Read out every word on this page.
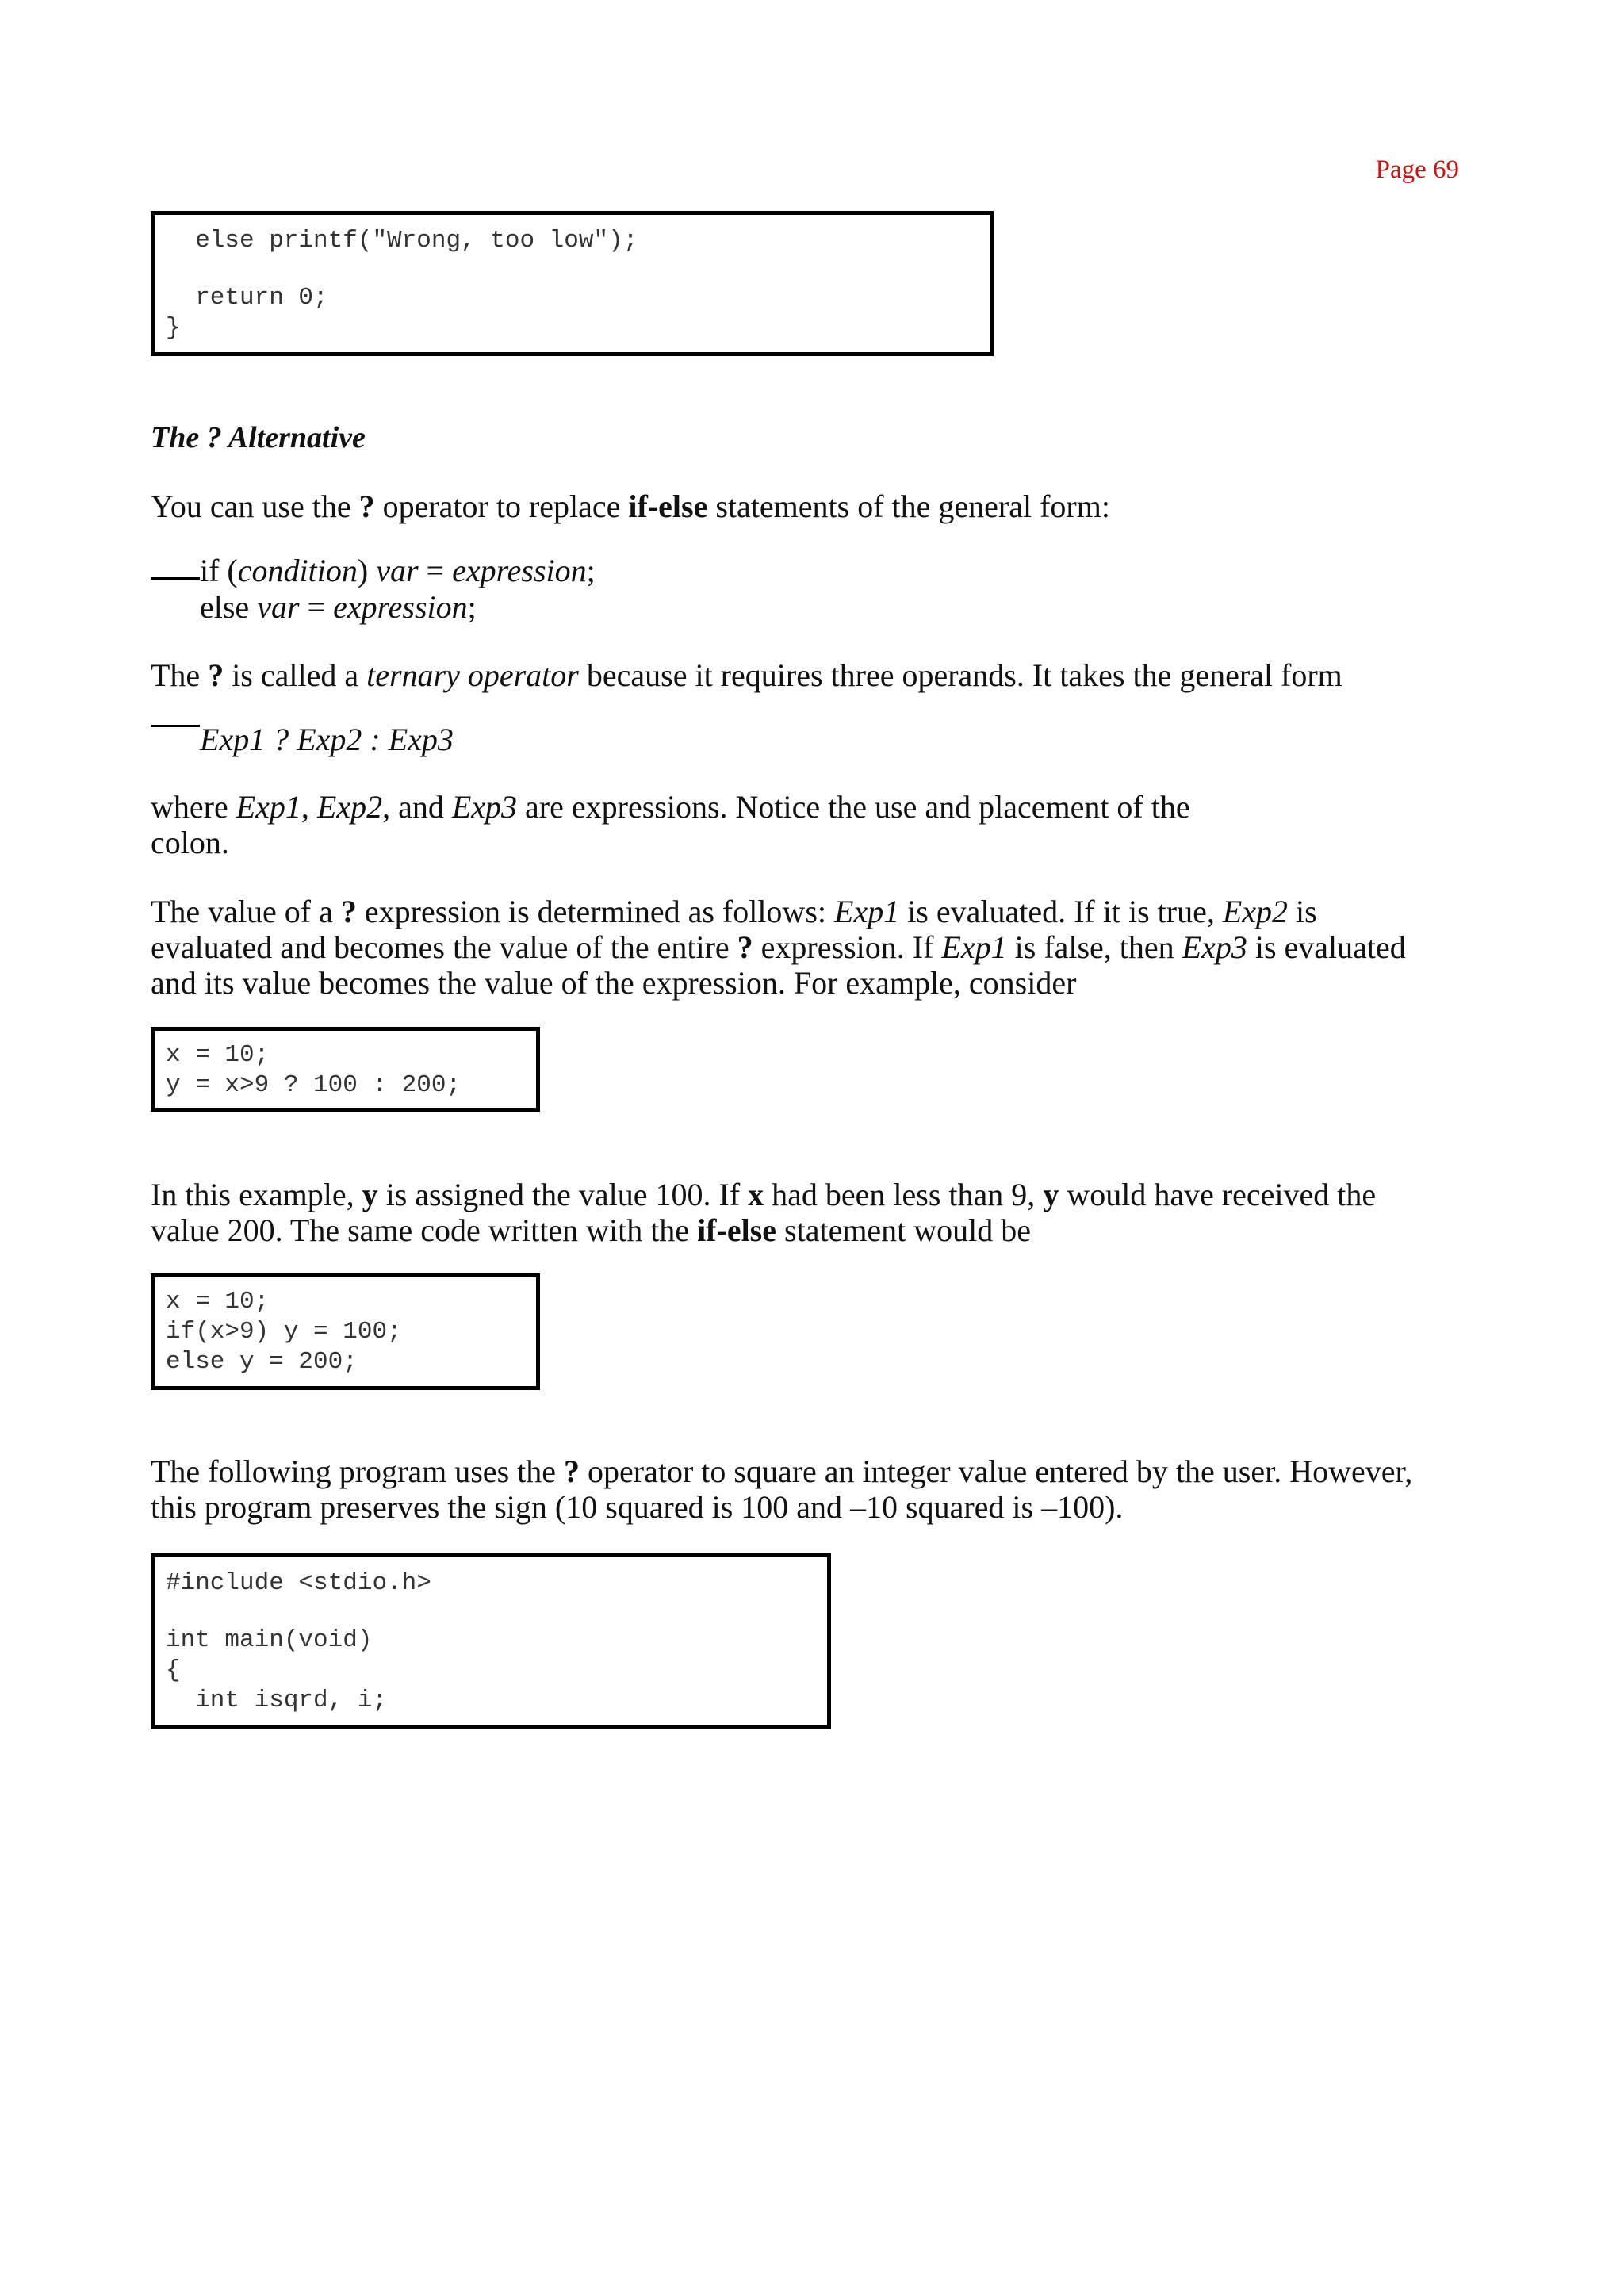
Page 69
else printf("Wrong, too low");
return 0;
}
The ? Alternative
You can use the ? operator to replace if-else statements of the general form:
if (condition) var = expression;
else var = expression;
The ? is called a ternary operator because it requires three operands. It takes the general form
Exp1 ? Exp2 : Exp3
where Exp1, Exp2, and Exp3 are expressions. Notice the use and placement of the
colon.
The value of a ? expression is determined as follows: Exp1 is evaluated. If it is true, Exp2 is
evaluated and becomes the value of the entire ? expression. If Exp1 is false, then Exp3 is evaluated
and its value becomes the value of the expression. For example, consider
x = 10;
y = x>9 ? 100 : 200;
In this example, y is assigned the value 100. If x had been less than 9, y would have received the
value 200. The same code written with the if-else statement would be
x = 10;
if(x>9) y = 100;
else y = 200;
The following program uses the ? operator to square an integer value entered by the user. However,
this program preserves the sign (10 squared is 100 and –10 squared is –100).
#include <stdio.h>
int main(void)
{
int isqrd, i;
